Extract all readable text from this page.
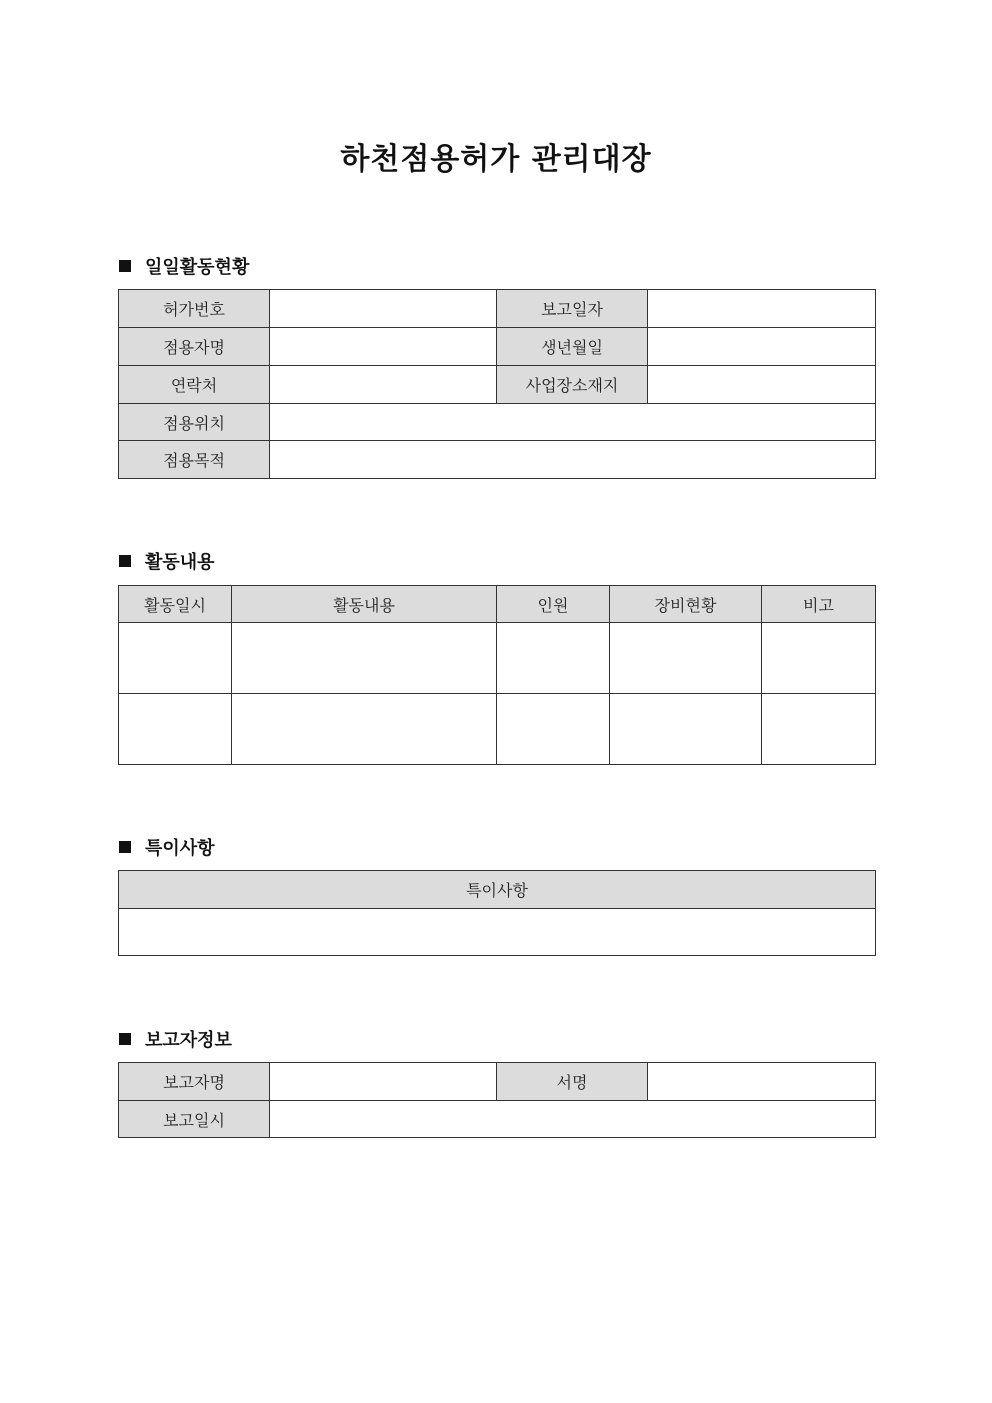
하천점용허가 관리대장
일일활동현황
허가번호		보고일자	
점용자명		생년월일	
연락처		사업장소재지	
점용위치			
점용목적			
활동내용
활동일시	활동내용	인원	장비현황	비고

특이사항
특이사항

보고자정보
보고자명		서명	
보고일시			
